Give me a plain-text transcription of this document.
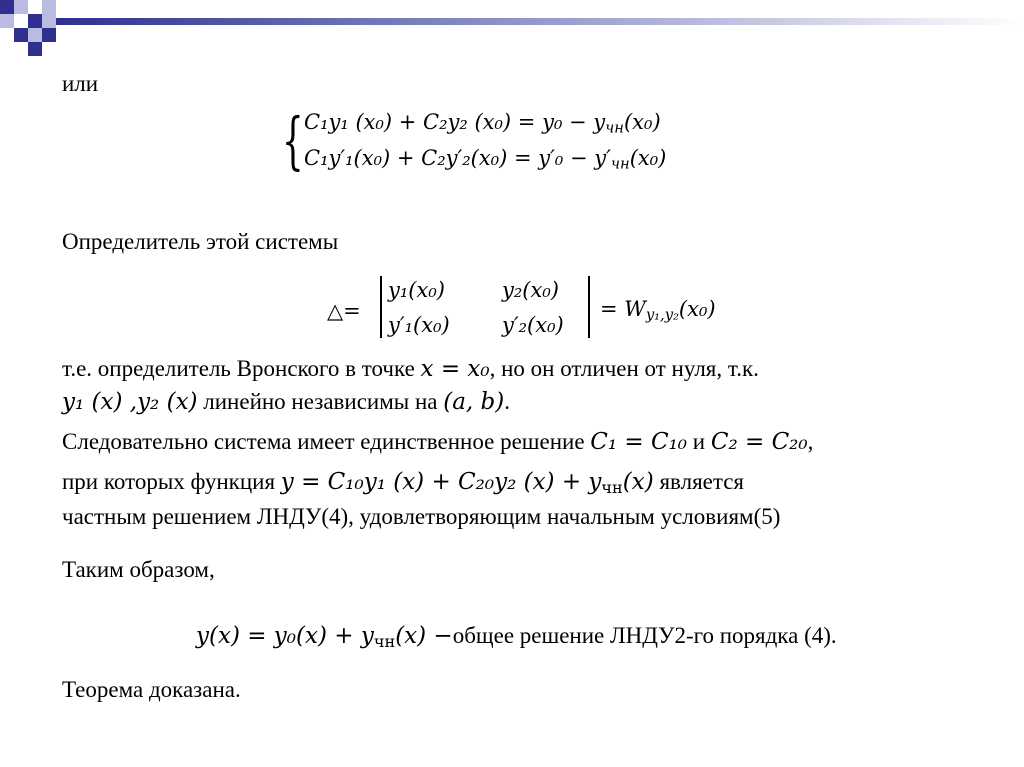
или
{ C₁y₁ (x₀) + C₂y₂ $(x_0) = y_0 - y_{чн}(x_0)$
$C_1y'_1(x_0) + C_2y'_2(x_0) = y'_0 - y'_{чн}(x_0)$
Определитель этой системы
△=
y₁(x₀)	y₂(x₀)
y′₁(x₀) y′₂(x₀)
= $W_{y_1,y_2}(x_0)$
т.е. определитель Вронского в точке x = x₀, но он отличен от нуля, т.к.
y₁ (x) ,y₂ (x) линейно независимы на (a, b).
Следовательно система имеет единственное решение C₁ = C₁₀ и C₂ = C₂₀,
при которых функция y = C₁₀y₁ (x) + C₂₀y₂ $(x) + y_{чн}(x)$ является
частным решением ЛНДУ(4), удовлетворяющим начальным условиям(5)
Таким образом,
$y(x) = y_0(x) + y_{чн}(x)$ −общее решение ЛНДУ2-го порядка (4).
Теорема доказана.
